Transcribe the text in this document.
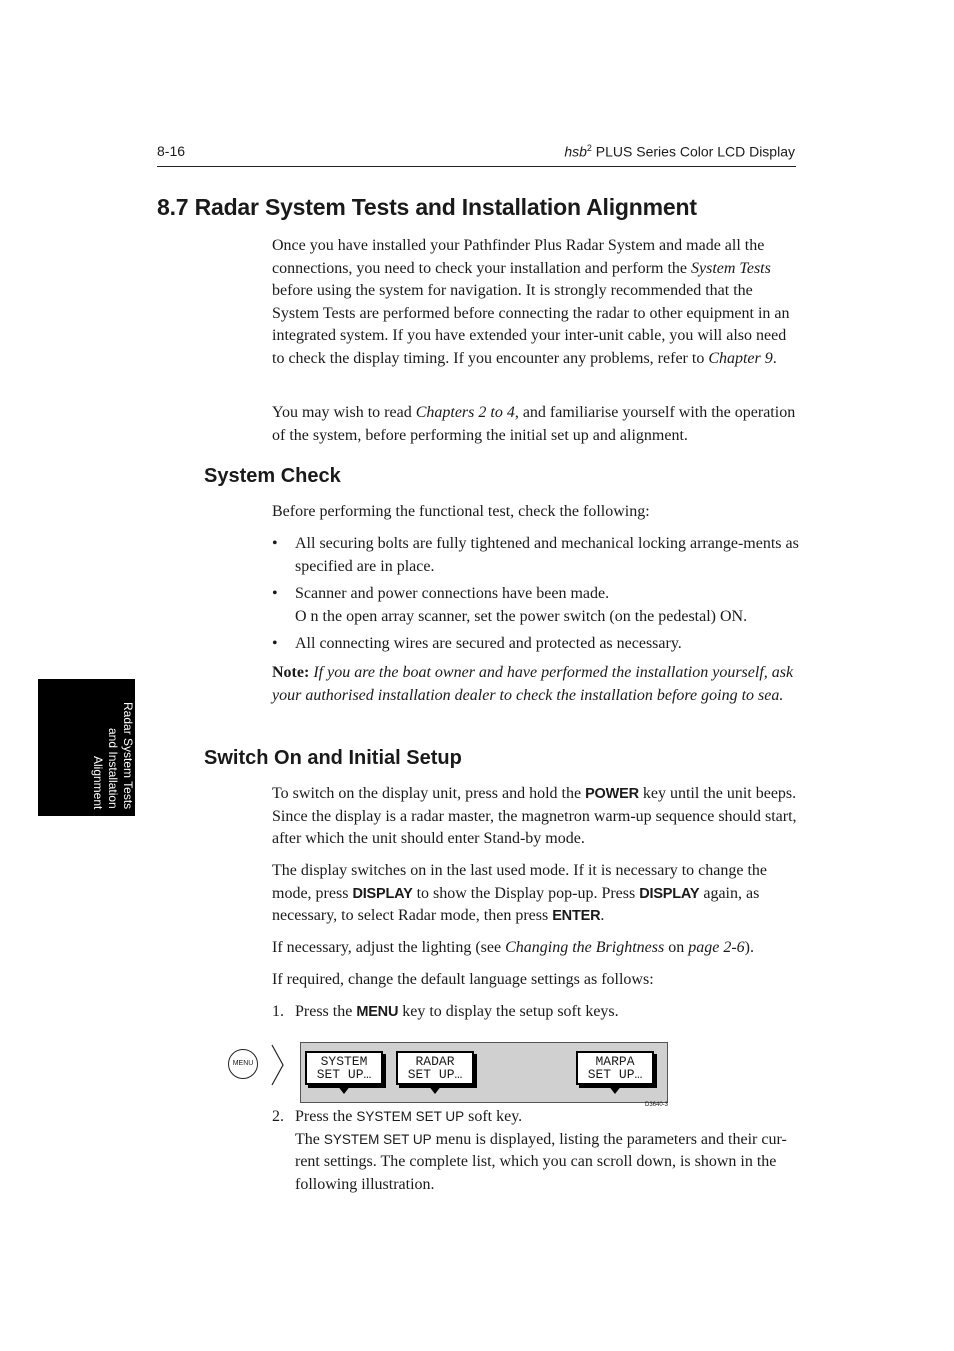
8-16	hsb$^2$ PLUS Series Color LCD Display
Radar System Tests
and Installation
Alignment
8.7 Radar System Tests and Installation Alignment

Once you have installed your Pathfinder Plus Radar System and made all the connections, you need to check your installation and perform the System Tests before using the system for navigation. It is strongly recommended that the System Tests are performed before connecting the radar to other equipment in an integrated system. If you have extended your inter-unit cable, you will also need to check the display timing. If you encounter any problems, refer to Chapter 9.

You may wish to read Chapters 2 to 4, and familiarise yourself with the operation of the system, before performing the initial set up and alignment.

System Check
Before performing the functional test, check the following:
• All securing bolts are fully tightened and mechanical locking arrange-ments as specified are in place.
• Scanner and power connections have been made.
O n the open array scanner, set the power switch (on the pedestal) ON.
• All connecting wires are secured and protected as necessary.

Note: If you are the boat owner and have performed the installation yourself, ask your authorised installation dealer to check the installation before going to sea.

Switch On and Initial Setup

To switch on the display unit, press and hold the POWER key until the unit beeps. Since the display is a radar master, the magnetron warm-up sequence should start, after which the unit should enter Stand-by mode.

The display switches on in the last used mode. If it is necessary to change the mode, press DISPLAY to show the Display pop-up. Press DISPLAY again, as necessary, to select Radar mode, then press ENTER.

If necessary, adjust the lighting (see Changing the Brightness on page 2-6).

If required, change the default language settings as follows:
1. Press the MENU key to display the setup soft keys.
MENU	SYSTEM
SET UP…
RADAR
SET UP…
MARPA
SET UP…
D3640-3
2. Press the SYSTEM SET UP soft key.
The SYSTEM SET UP menu is displayed, listing the parameters and their cur-rent settings. The complete list, which you can scroll down, is shown in the following illustration.
